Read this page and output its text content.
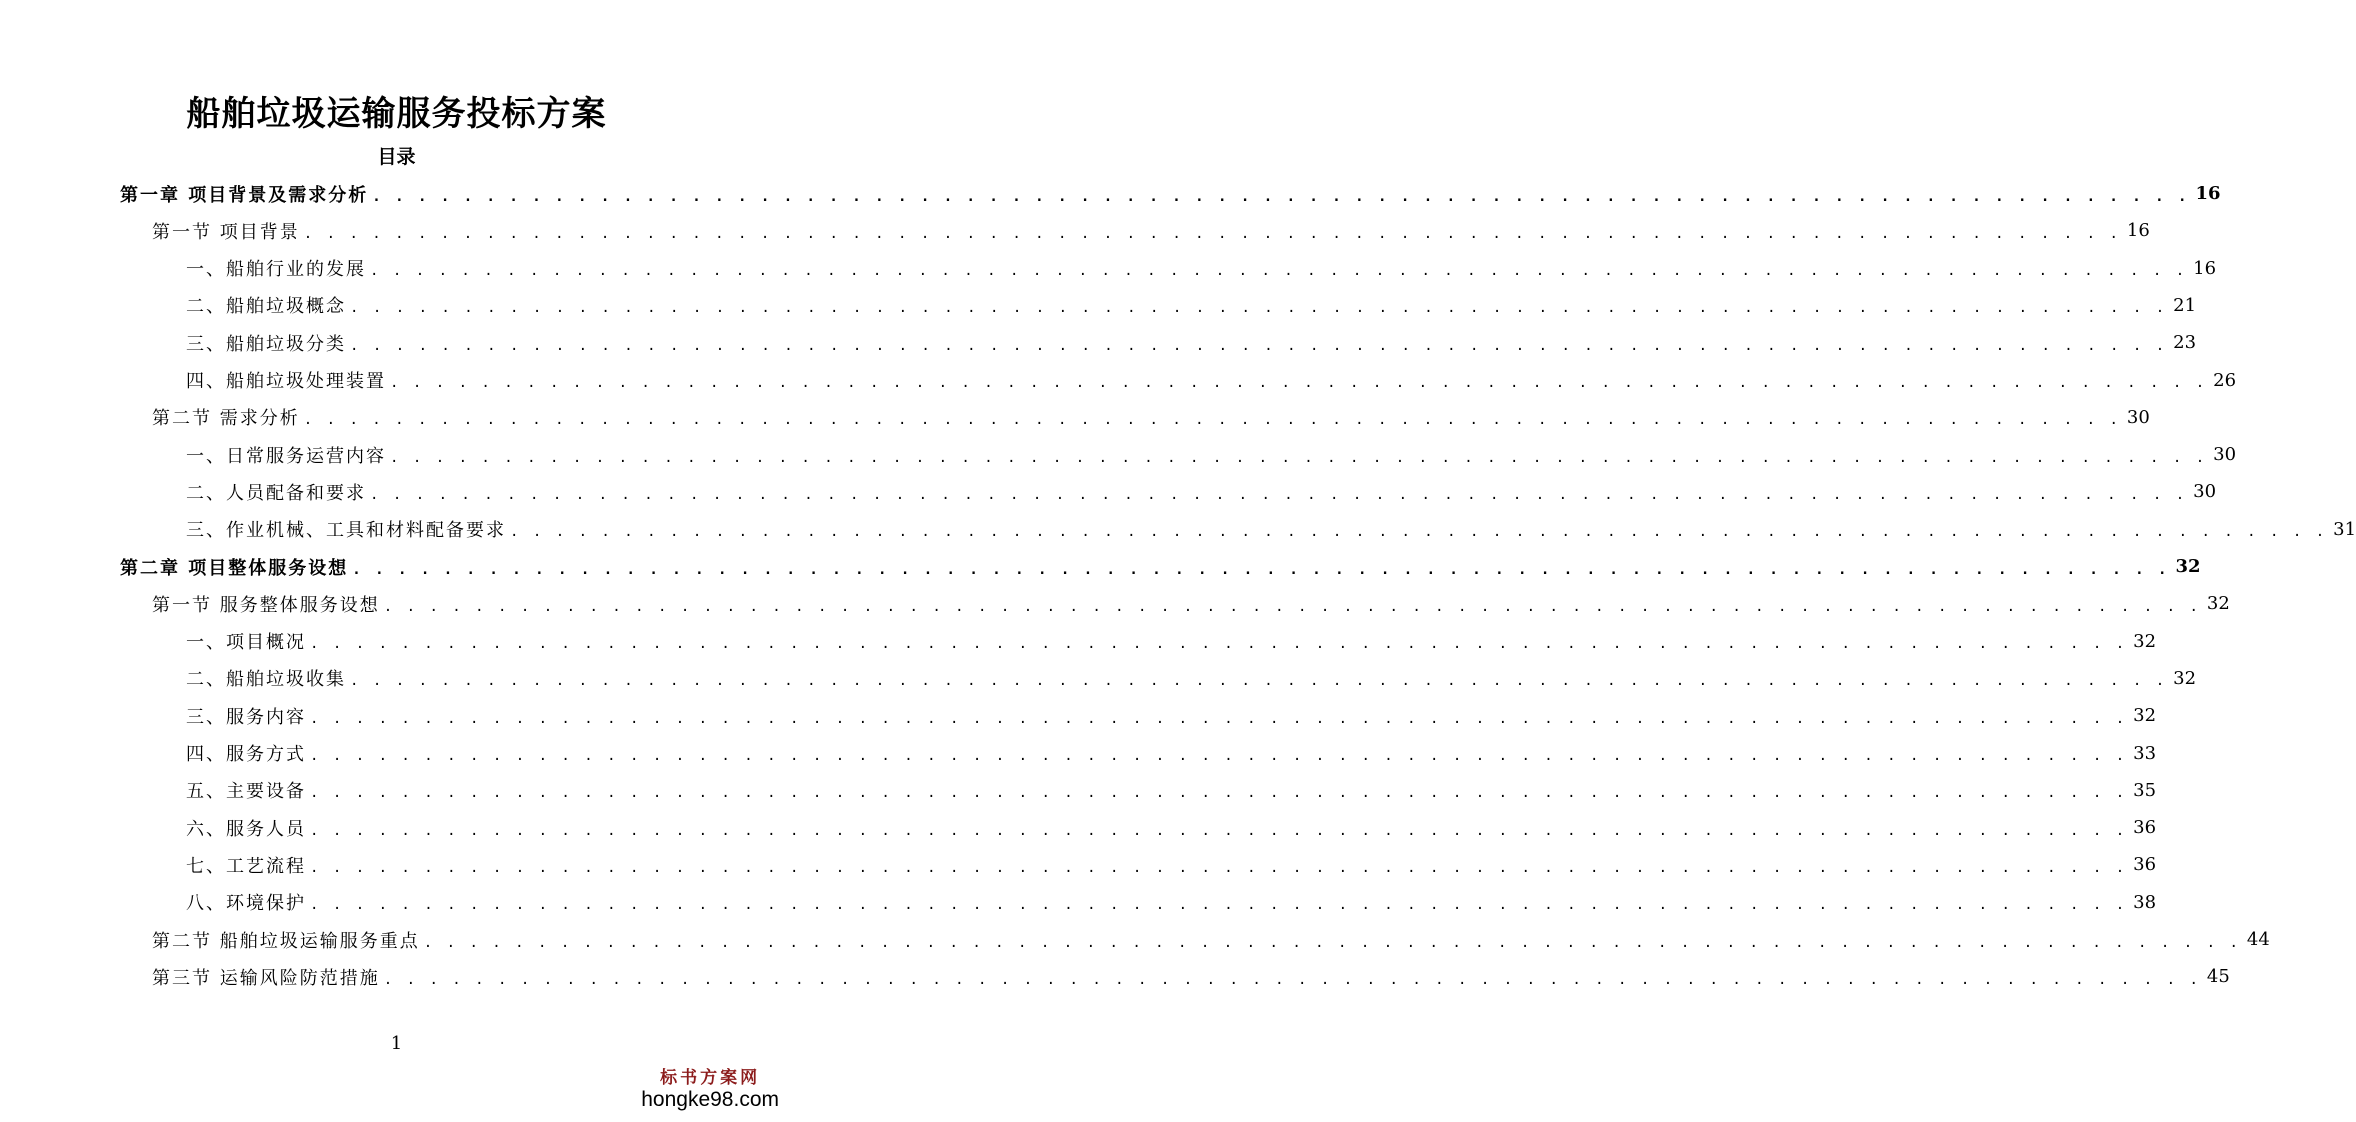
船舶垃圾运输服务投标方案
目录
第一章 项目背景及需求分析 . . . . . . . . . . . . . . . . . . . . . . . . . . . . . . . . . . . . . . . . . . . . . . . . . . . . . . . . . . . . . . . . . . . . . . . . . . . . . . . . 16
第一节 项目背景 . . . . . . . . . . . . . . . . . . . . . . . . . . . . . . . . . . . . . . . . . . . . . . . . . . . . . . . . . . . . . . . . . . . . . . . . . . . . . . . . 16
一、船舶行业的发展 . . . . . . . . . . . . . . . . . . . . . . . . . . . . . . . . . . . . . . . . . . . . . . . . . . . . . . . . . . . . . . . . . . . . . . . . . . . . . . . . 16
二、船舶垃圾概念 . . . . . . . . . . . . . . . . . . . . . . . . . . . . . . . . . . . . . . . . . . . . . . . . . . . . . . . . . . . . . . . . . . . . . . . . . . . . . . . . 21
三、船舶垃圾分类 . . . . . . . . . . . . . . . . . . . . . . . . . . . . . . . . . . . . . . . . . . . . . . . . . . . . . . . . . . . . . . . . . . . . . . . . . . . . . . . . 23
四、船舶垃圾处理装置 . . . . . . . . . . . . . . . . . . . . . . . . . . . . . . . . . . . . . . . . . . . . . . . . . . . . . . . . . . . . . . . . . . . . . . . . . . . . . . . . 26
第二节 需求分析 . . . . . . . . . . . . . . . . . . . . . . . . . . . . . . . . . . . . . . . . . . . . . . . . . . . . . . . . . . . . . . . . . . . . . . . . . . . . . . . . 30
一、日常服务运营内容 . . . . . . . . . . . . . . . . . . . . . . . . . . . . . . . . . . . . . . . . . . . . . . . . . . . . . . . . . . . . . . . . . . . . . . . . . . . . . . . . 30
二、人员配备和要求 . . . . . . . . . . . . . . . . . . . . . . . . . . . . . . . . . . . . . . . . . . . . . . . . . . . . . . . . . . . . . . . . . . . . . . . . . . . . . . . . 30
三、作业机械、工具和材料配备要求 . . . . . . . . . . . . . . . . . . . . . . . . . . . . . . . . . . . . . . . . . . . . . . . . . . . . . . . . . . . . . . . . . . . . . . . . . . . . . . . . 31
第二章 项目整体服务设想 . . . . . . . . . . . . . . . . . . . . . . . . . . . . . . . . . . . . . . . . . . . . . . . . . . . . . . . . . . . . . . . . . . . . . . . . . . . . . . . . 32
第一节 服务整体服务设想 . . . . . . . . . . . . . . . . . . . . . . . . . . . . . . . . . . . . . . . . . . . . . . . . . . . . . . . . . . . . . . . . . . . . . . . . . . . . . . . . 32
一、项目概况 . . . . . . . . . . . . . . . . . . . . . . . . . . . . . . . . . . . . . . . . . . . . . . . . . . . . . . . . . . . . . . . . . . . . . . . . . . . . . . . . 32
二、船舶垃圾收集 . . . . . . . . . . . . . . . . . . . . . . . . . . . . . . . . . . . . . . . . . . . . . . . . . . . . . . . . . . . . . . . . . . . . . . . . . . . . . . . . 32
三、服务内容 . . . . . . . . . . . . . . . . . . . . . . . . . . . . . . . . . . . . . . . . . . . . . . . . . . . . . . . . . . . . . . . . . . . . . . . . . . . . . . . . 32
四、服务方式 . . . . . . . . . . . . . . . . . . . . . . . . . . . . . . . . . . . . . . . . . . . . . . . . . . . . . . . . . . . . . . . . . . . . . . . . . . . . . . . . 33
五、主要设备 . . . . . . . . . . . . . . . . . . . . . . . . . . . . . . . . . . . . . . . . . . . . . . . . . . . . . . . . . . . . . . . . . . . . . . . . . . . . . . . . 35
六、服务人员 . . . . . . . . . . . . . . . . . . . . . . . . . . . . . . . . . . . . . . . . . . . . . . . . . . . . . . . . . . . . . . . . . . . . . . . . . . . . . . . . 36
七、工艺流程 . . . . . . . . . . . . . . . . . . . . . . . . . . . . . . . . . . . . . . . . . . . . . . . . . . . . . . . . . . . . . . . . . . . . . . . . . . . . . . . . 36
八、环境保护 . . . . . . . . . . . . . . . . . . . . . . . . . . . . . . . . . . . . . . . . . . . . . . . . . . . . . . . . . . . . . . . . . . . . . . . . . . . . . . . . 38
第二节 船舶垃圾运输服务重点 . . . . . . . . . . . . . . . . . . . . . . . . . . . . . . . . . . . . . . . . . . . . . . . . . . . . . . . . . . . . . . . . . . . . . . . . . . . . . . . . 44
第三节 运输风险防范措施 . . . . . . . . . . . . . . . . . . . . . . . . . . . . . . . . . . . . . . . . . . . . . . . . . . . . . . . . . . . . . . . . . . . . . . . . . . . . . . . . 45
1
标书方案网
hongke98.com
